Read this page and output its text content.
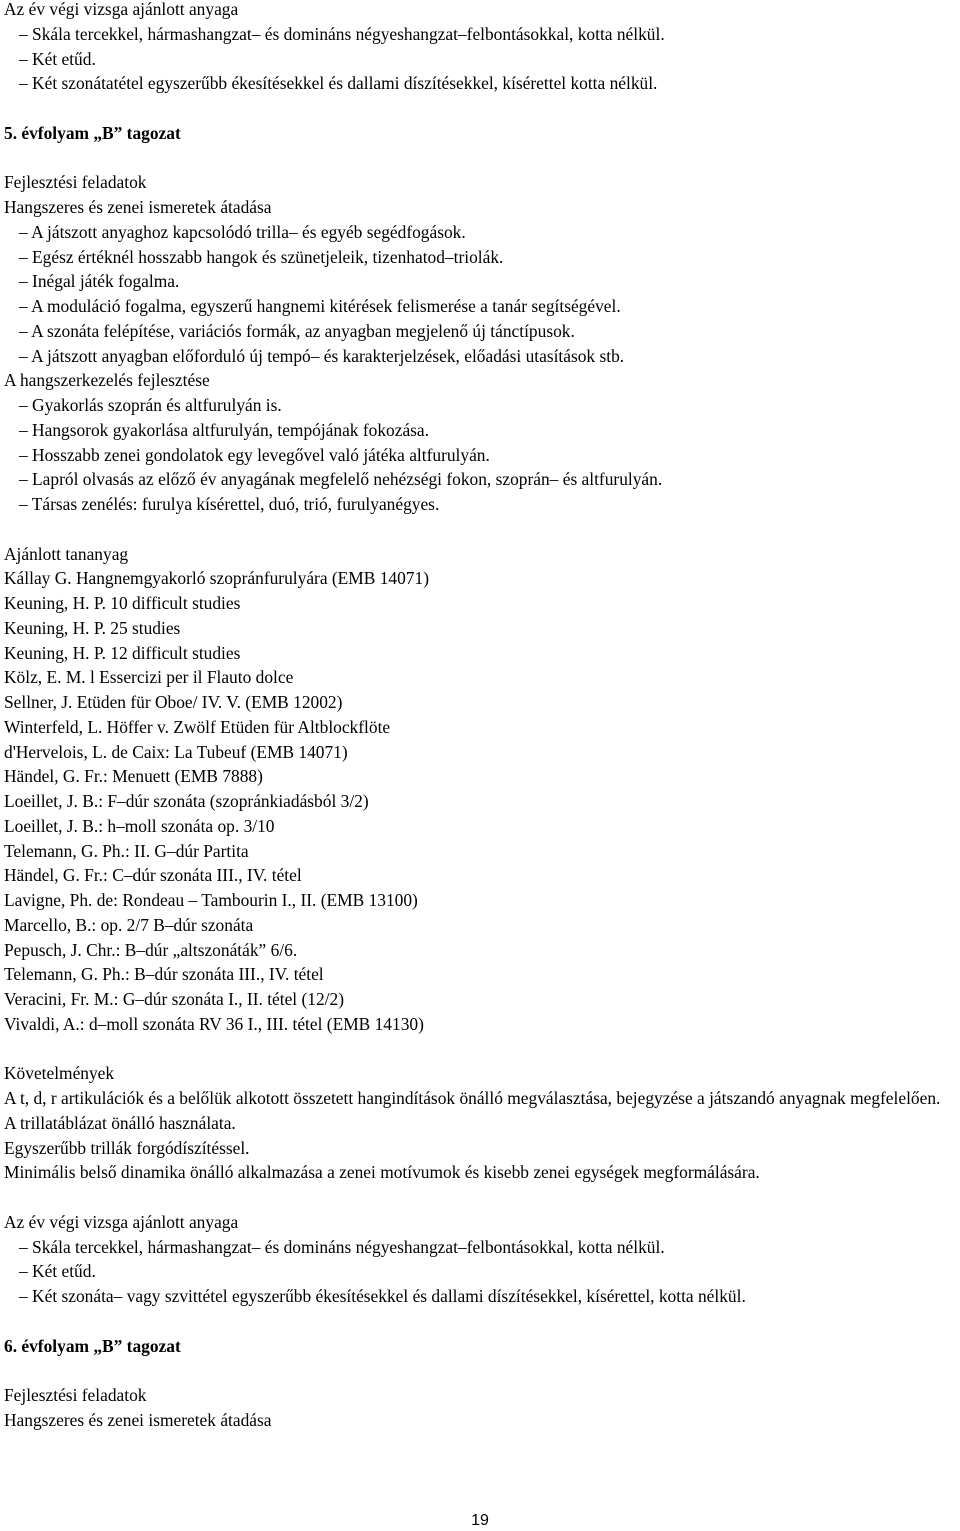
Az év végi vizsga ajánlott anyaga
– Skála tercekkel, hármashangzat– és domináns négyeshangzat–felbontásokkal, kotta nélkül.
– Két etűd.
– Két szonátatétel egyszerűbb ékesítésekkel és dallami díszítésekkel, kísérettel kotta nélkül.
5. évfolyam „B” tagozat
Fejlesztési feladatok
Hangszeres és zenei ismeretek átadása
– A játszott anyaghoz kapcsolódó trilla– és egyéb segédfogások.
– Egész értéknél hosszabb hangok és szünetjeleik, tizenhatod–triolák.
– Inégal játék fogalma.
– A moduláció fogalma, egyszerű hangnemi kitérések felismerése a tanár segítségével.
– A szonáta felépítése, variációs formák, az anyagban megjelenő új tánctípusok.
– A játszott anyagban előforduló új tempó– és karakterjelzések, előadási utasítások stb.
A hangszerkezelés fejlesztése
– Gyakorlás szoprán és altfurulyán is.
– Hangsorok gyakorlása altfurulyán, tempójának fokozása.
– Hosszabb zenei gondolatok egy levegővel való játéka altfurulyán.
– Lapról olvasás az előző év anyagának megfelelő nehézségi fokon, szoprán– és altfurulyán.
– Társas zenélés: furulya kísérettel, duó, trió, furulyanégyes.
Ajánlott tananyag
Kállay G. Hangnemgyakorló szopránfurulyára (EMB 14071)
Keuning, H. P. 10 difficult studies
Keuning, H. P. 25 studies
Keuning, H. P. 12 difficult studies
Kölz, E. M. l Essercizi per il Flauto dolce
Sellner, J. Etüden für Oboe/ IV. V. (EMB 12002)
Winterfeld, L. Höffer v. Zwölf Etüden für Altblockflöte
d'Hervelois, L. de Caix: La Tubeuf (EMB 14071)
Händel, G. Fr.: Menuett (EMB 7888)
Loeillet, J. B.: F–dúr szonáta (szopránkiadásból 3/2)
Loeillet, J. B.: h–moll szonáta op. 3/10
Telemann, G. Ph.: II. G–dúr Partita
Händel, G. Fr.: C–dúr szonáta III., IV. tétel
Lavigne, Ph. de: Rondeau – Tambourin I., II. (EMB 13100)
Marcello, B.: op. 2/7 B–dúr szonáta
Pepusch, J. Chr.: B–dúr „altszonáták” 6/6.
Telemann, G. Ph.: B–dúr szonáta III., IV. tétel
Veracini, Fr. M.: G–dúr szonáta I., II. tétel (12/2)
Vivaldi, A.: d–moll szonáta RV 36 I., III. tétel (EMB 14130)
Követelmények
A t, d, r artikulációk és a belőlük alkotott összetett hangindítások önálló megválasztása, bejegyzése a játszandó anyagnak megfelelően.
A trillatáblázat önálló használata.
Egyszerűbb trillák forgódíszítéssel.
Minimális belső dinamika önálló alkalmazása a zenei motívumok és kisebb zenei egységek megformálására.
Az év végi vizsga ajánlott anyaga
– Skála tercekkel, hármashangzat– és domináns négyeshangzat–felbontásokkal, kotta nélkül.
– Két etűd.
– Két szonáta– vagy szvittétel egyszerűbb ékesítésekkel és dallami díszítésekkel, kísérettel, kotta nélkül.
6. évfolyam „B” tagozat
Fejlesztési feladatok
Hangszeres és zenei ismeretek átadása
19
